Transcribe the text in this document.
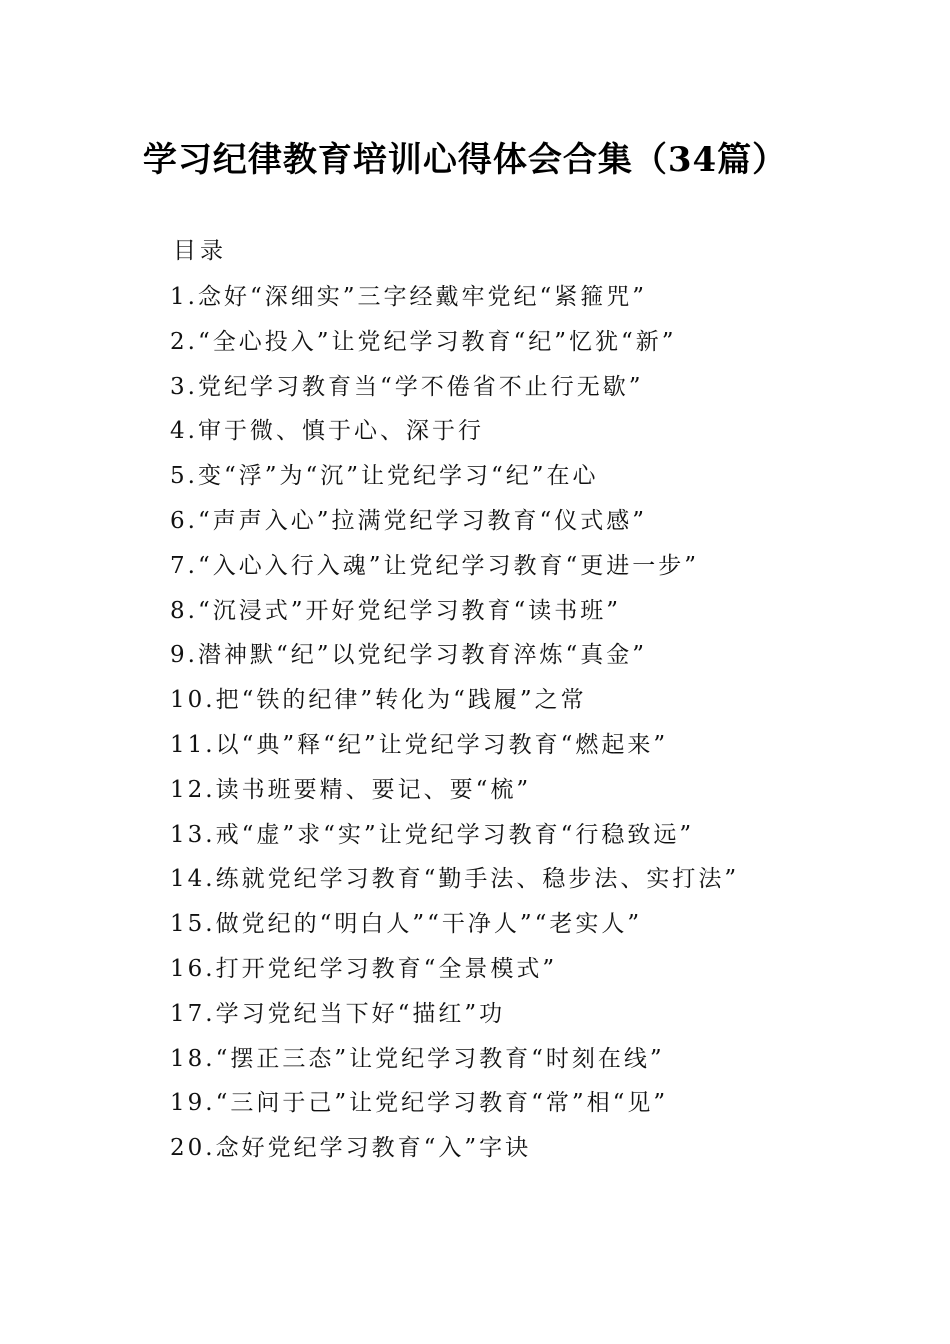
学习纪律教育培训心得体会合集（34篇）
目录
1.念好“深细实”三字经戴牢党纪“紧箍咒”
2.“全心投入”让党纪学习教育“纪”忆犹“新”
3.党纪学习教育当“学不倦省不止行无歇”
4.审于微、慎于心、深于行
5.变“浮”为“沉”让党纪学习“纪”在心
6.“声声入心”拉满党纪学习教育“仪式感”
7.“入心入行入魂”让党纪学习教育“更进一步”
8.“沉浸式”开好党纪学习教育“读书班”
9.潜神默“纪”以党纪学习教育淬炼“真金”
10.把“铁的纪律”转化为“践履”之常
11.以“典”释“纪”让党纪学习教育“燃起来”
12.读书班要精、要记、要“梳”
13.戒“虚”求“实”让党纪学习教育“行稳致远”
14.练就党纪学习教育“勤手法、稳步法、实打法”
15.做党纪的“明白人”“干净人”“老实人”
16.打开党纪学习教育“全景模式”
17.学习党纪当下好“描红”功
18.“摆正三态”让党纪学习教育“时刻在线”
19.“三问于己”让党纪学习教育“常”相“见”
20.念好党纪学习教育“入”字诀
